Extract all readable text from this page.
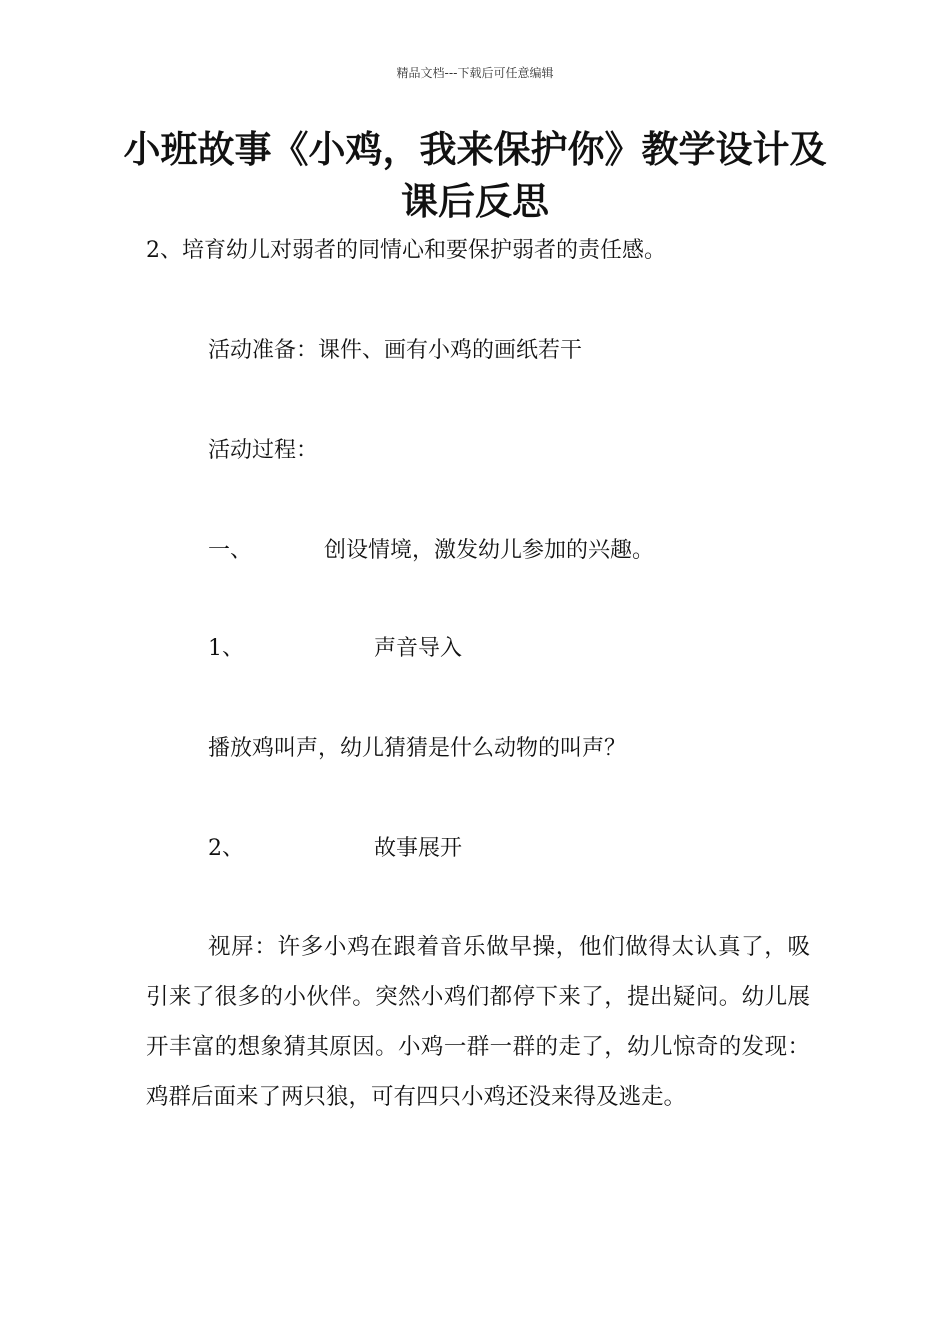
精品文档---下载后可任意编辑
小班故事《小鸡，我来保护你》教学设计及课后反思
2、培育幼儿对弱者的同情心和要保护弱者的责任感。
活动准备：课件、画有小鸡的画纸若干
活动过程：
一、	创设情境，激发幼儿参加的兴趣。
1、	声音导入
播放鸡叫声，幼儿猜猜是什么动物的叫声？
2、	故事展开
视屏：许多小鸡在跟着音乐做早操，他们做得太认真了，吸引来了很多的小伙伴。突然小鸡们都停下来了，提出疑问。幼儿展开丰富的想象猜其原因。小鸡一群一群的走了，幼儿惊奇的发现：鸡群后面来了两只狼，可有四只小鸡还没来得及逃走。
